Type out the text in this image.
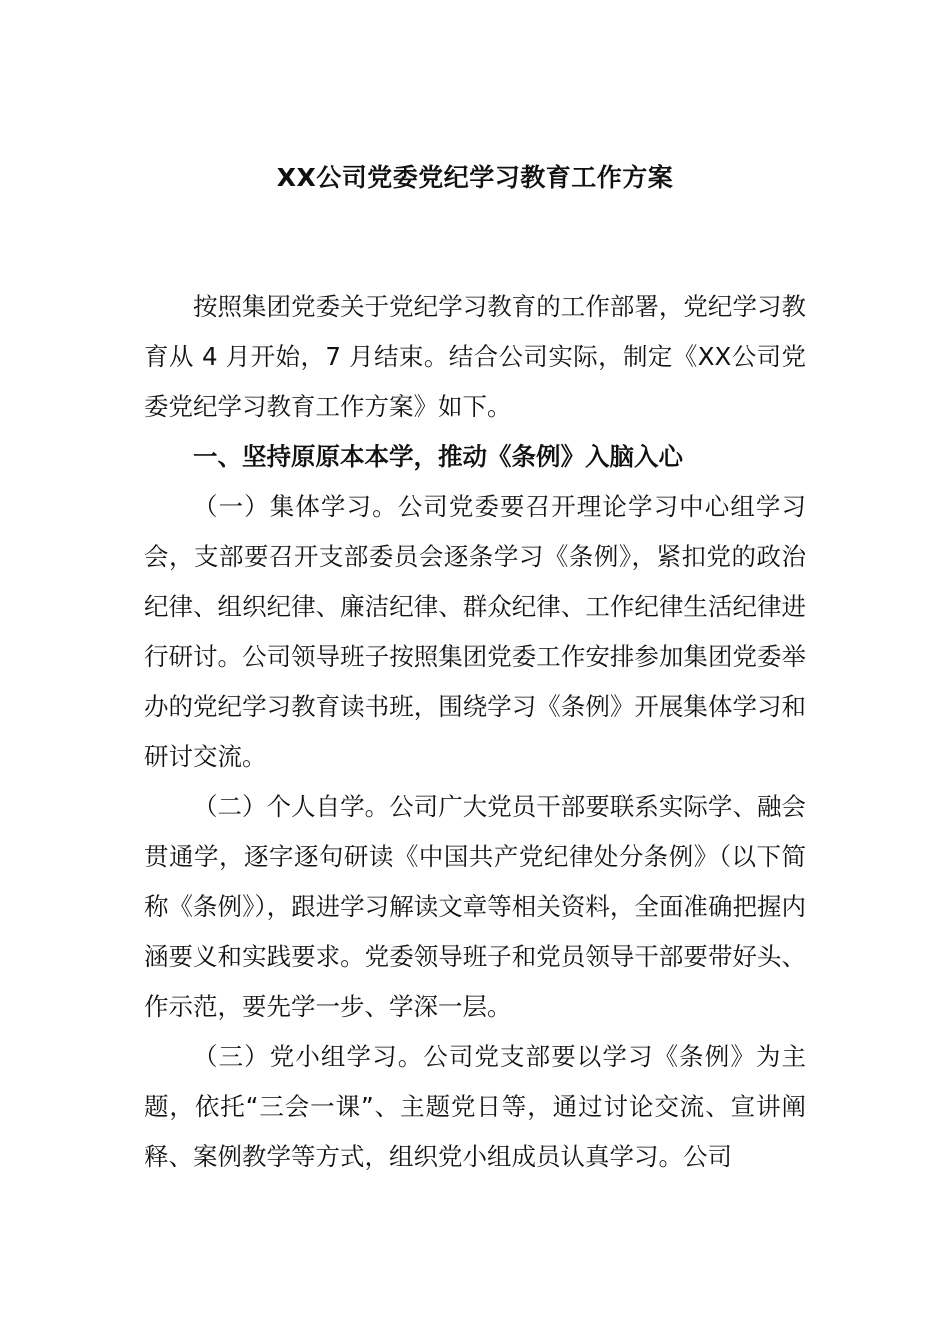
XX公司党委党纪学习教育工作方案

按照集团党委关于党纪学习教育的工作部署，党纪学习教育从 4 月开始，7 月结束。结合公司实际，制定《XX公司党委党纪学习教育工作方案》如下。

一、坚持原原本本学，推动《条例》入脑入心

（一）集体学习。公司党委要召开理论学习中心组学习会，支部要召开支部委员会逐条学习《条例》，紧扣党的政治纪律、组织纪律、廉洁纪律、群众纪律、工作纪律生活纪律进行研讨。公司领导班子按照集团党委工作安排参加集团党委举办的党纪学习教育读书班，围绕学习《条例》开展集体学习和研讨交流。

（二）个人自学。公司广大党员干部要联系实际学、融会贯通学，逐字逐句研读《中国共产党纪律处分条例》（以下简称《条例》），跟进学习解读文章等相关资料，全面准确把握内涵要义和实践要求。党委领导班子和党员领导干部要带好头、作示范，要先学一步、学深一层。

（三）党小组学习。公司党支部要以学习《条例》为主题，依托“三会一课”、主题党日等，通过讨论交流、宣讲阐释、案例教学等方式，组织党小组成员认真学习。公司
